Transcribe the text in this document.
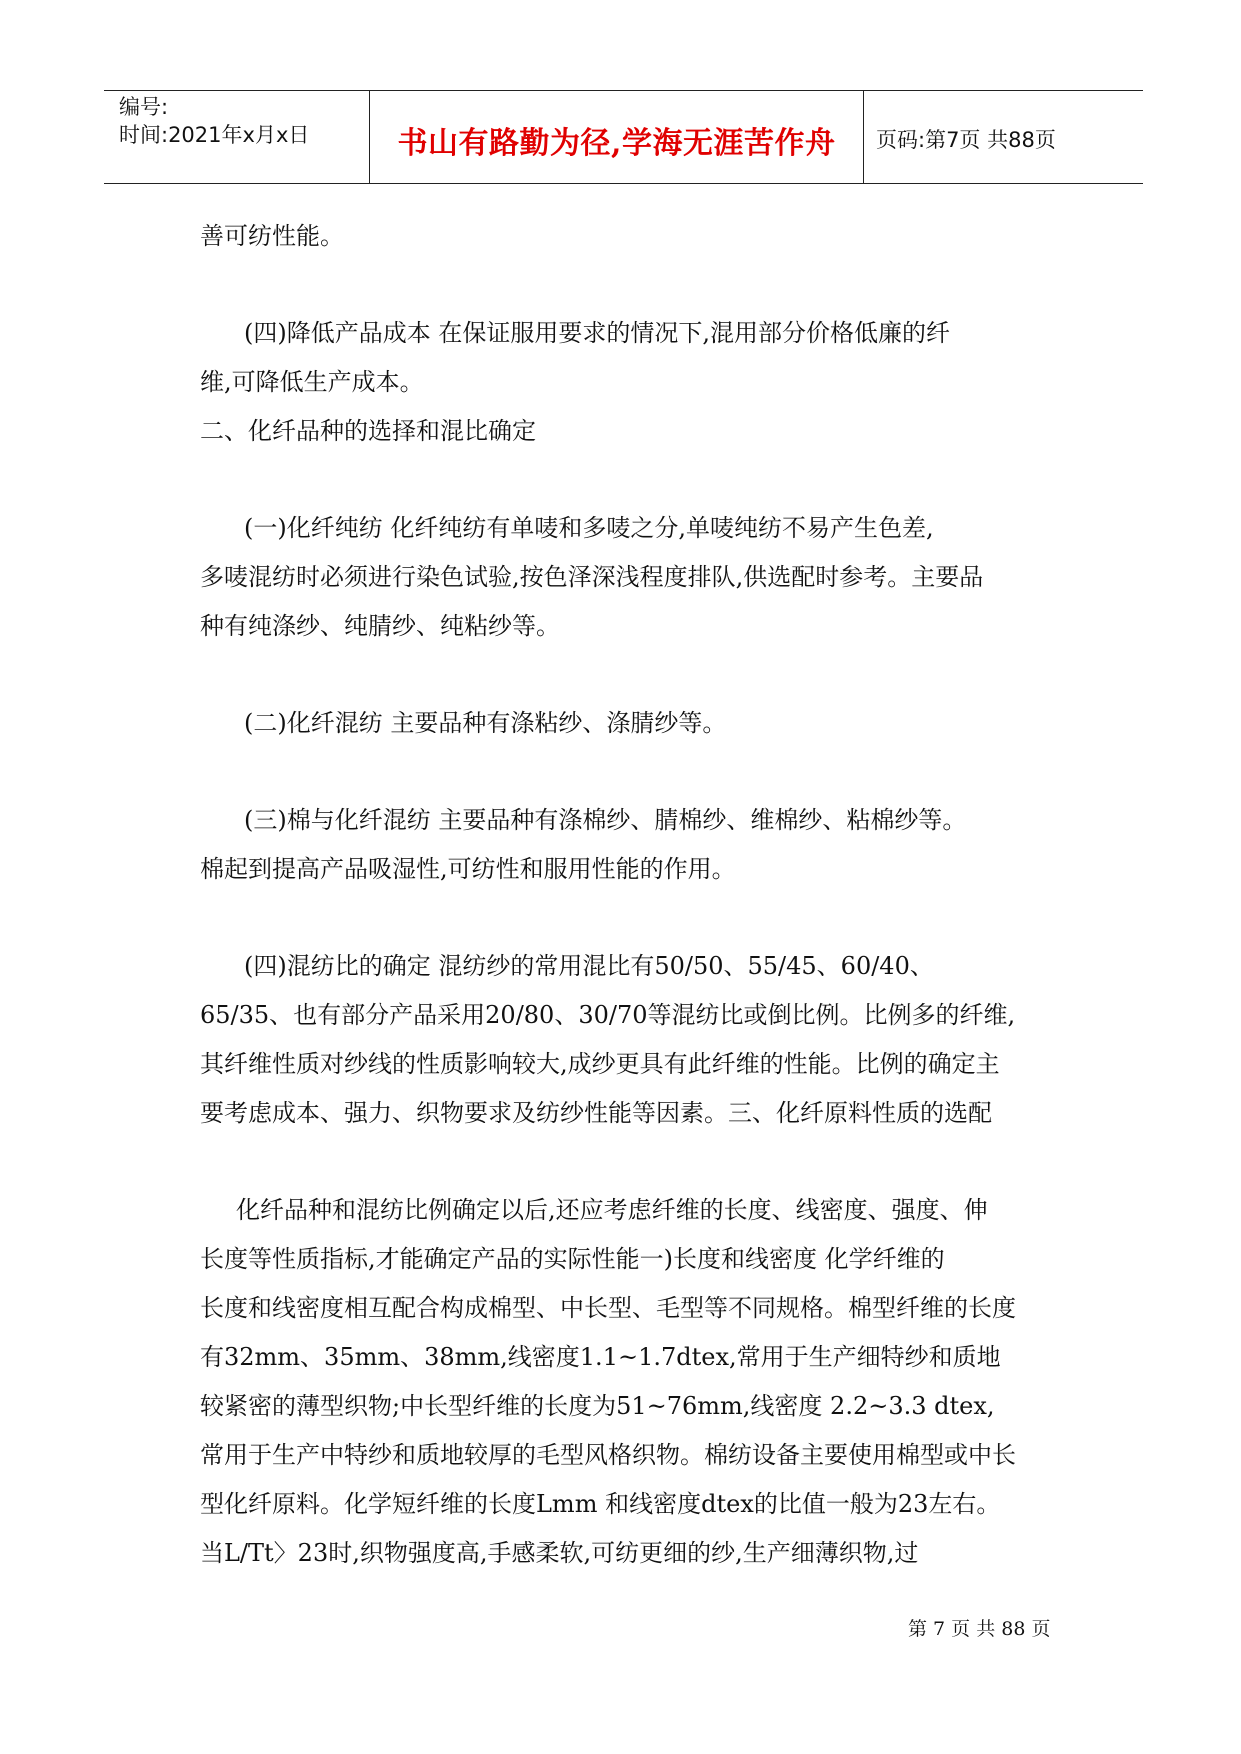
编号:
时间:2021年x月x日	书山有路勤为径,学海无涯苦作舟 页码:第7页 共88页
善可纺性能。
(四)降低产品成本 在保证服用要求的情况下,混用部分价格低廉的纤
维,可降低生产成本。
二、化纤品种的选择和混比确定
(一)化纤纯纺 化纤纯纺有单唛和多唛之分,单唛纯纺不易产生色差,
多唛混纺时必须进行染色试验,按色泽深浅程度排队,供选配时参考。主要品
种有纯涤纱、纯腈纱、纯粘纱等。
(二)化纤混纺 主要品种有涤粘纱、涤腈纱等。
(三)棉与化纤混纺 主要品种有涤棉纱、腈棉纱、维棉纱、粘棉纱等。
棉起到提高产品吸湿性,可纺性和服用性能的作用。
(四)混纺比的确定 混纺纱的常用混比有50/50、55/45、60/40、
65/35、也有部分产品采用20/80、30/70等混纺比或倒比例。比例多的纤维,
其纤维性质对纱线的性质影响较大,成纱更具有此纤维的性能。比例的确定主
要考虑成本、强力、织物要求及纺纱性能等因素。三、化纤原料性质的选配
化纤品种和混纺比例确定以后,还应考虑纤维的长度、线密度、强度、伸
长度等性质指标,才能确定产品的实际性能一)长度和线密度 化学纤维的
长度和线密度相互配合构成棉型、中长型、毛型等不同规格。棉型纤维的长度
有32mm、35mm、38mm,线密度1.1~1.7dtex,常用于生产细特纱和质地
较紧密的薄型织物;中长型纤维的长度为51~76mm,线密度 2.2~3.3 dtex,
常用于生产中特纱和质地较厚的毛型风格织物。棉纺设备主要使用棉型或中长
型化纤原料。化学短纤维的长度Lmm 和线密度dtex的比值一般为23左右。
当L/Tt〉23时,织物强度高,手感柔软,可纺更细的纱,生产细薄织物,过
第 7 页 共 88 页
